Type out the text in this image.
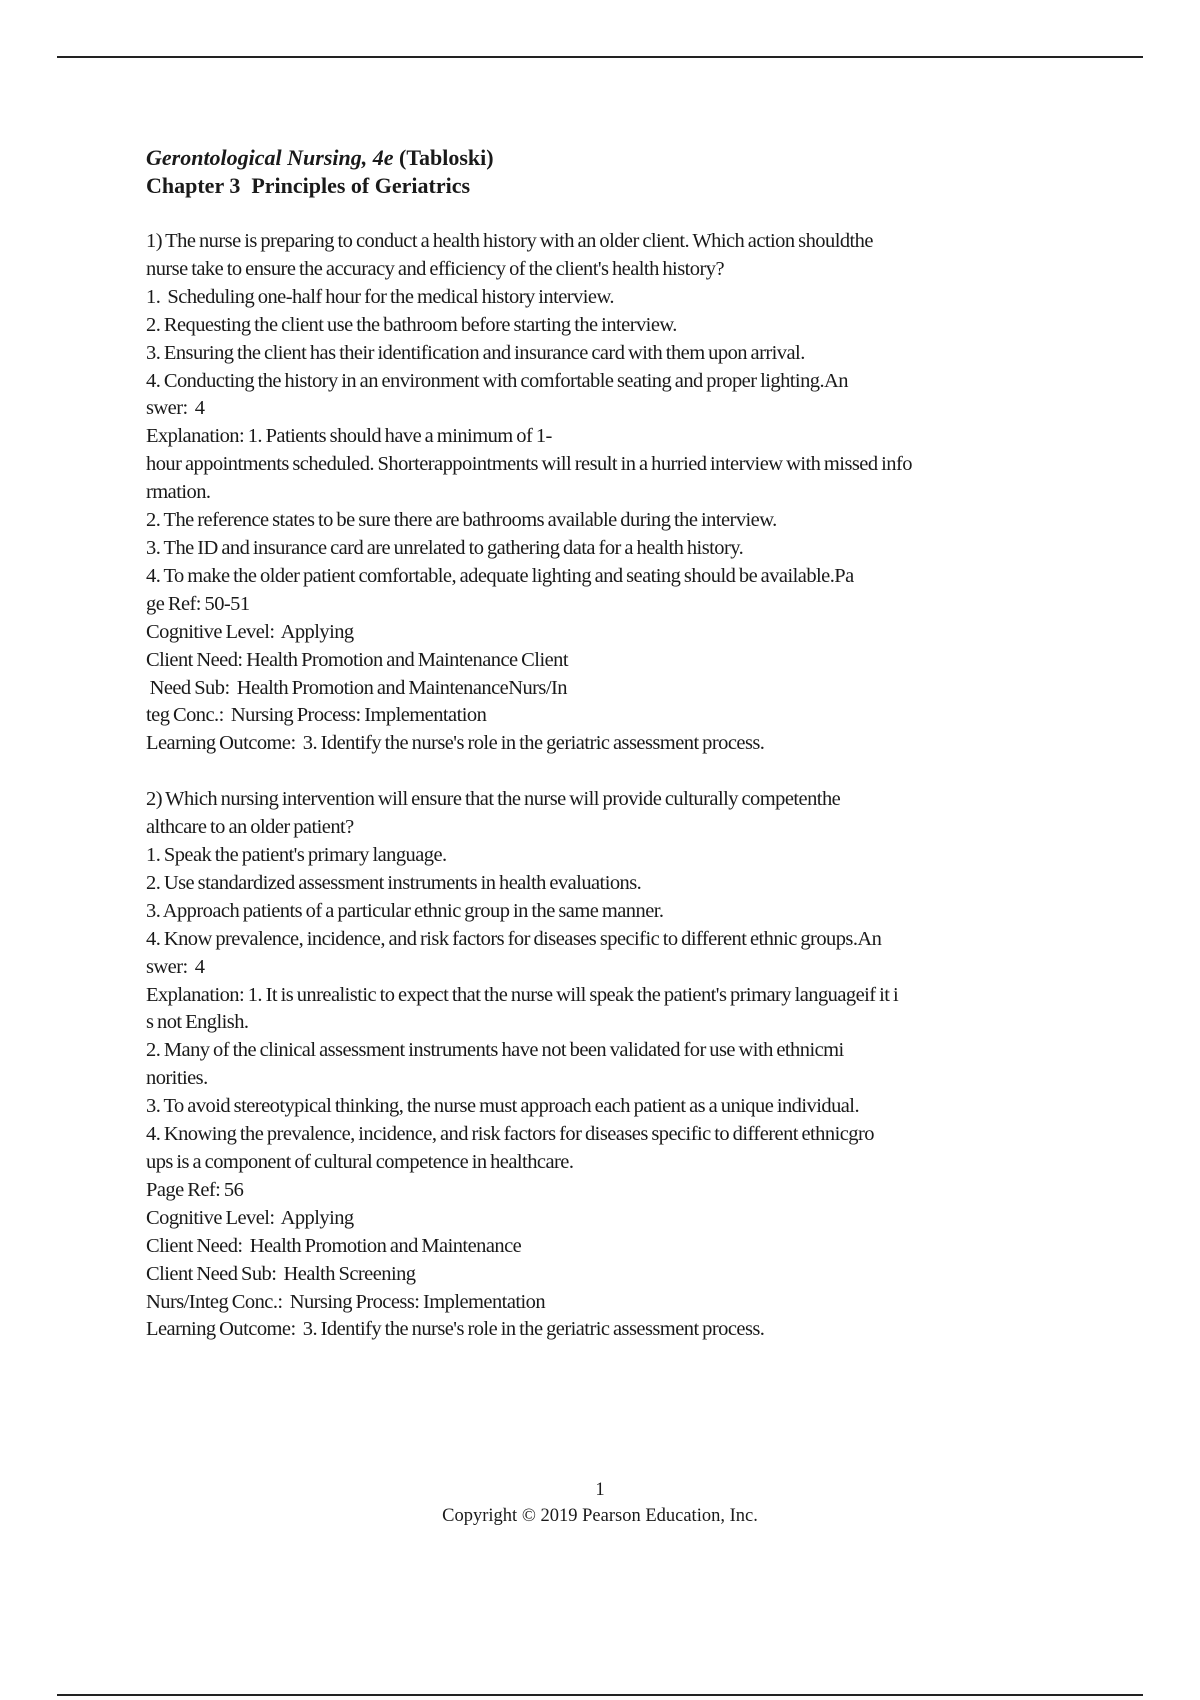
Gerontological Nursing, 4e (Tabloski)
Chapter 3  Principles of Geriatrics
1) The nurse is preparing to conduct a health history with an older client. Which action shouldthe
nurse take to ensure the accuracy and efficiency of the client's health history?
1.  Scheduling one-half hour for the medical history interview.
2. Requesting the client use the bathroom before starting the interview.
3. Ensuring the client has their identification and insurance card with them upon arrival.
4. Conducting the history in an environment with comfortable seating and proper lighting.An
swer:  4
Explanation: 1. Patients should have a minimum of 1-
hour appointments scheduled. Shorterappointments will result in a hurried interview with missed info
rmation.
2. The reference states to be sure there are bathrooms available during the interview.
3. The ID and insurance card are unrelated to gathering data for a health history.
4. To make the older patient comfortable, adequate lighting and seating should be available.Pa
ge Ref: 50-51
Cognitive Level:  Applying
Client Need: Health Promotion and Maintenance Client
Need Sub:  Health Promotion and MaintenanceNurs/In
teg Conc.:  Nursing Process: Implementation
Learning Outcome:  3. Identify the nurse's role in the geriatric assessment process.
2) Which nursing intervention will ensure that the nurse will provide culturally competenthe
althcare to an older patient?
1. Speak the patient's primary language.
2. Use standardized assessment instruments in health evaluations.
3. Approach patients of a particular ethnic group in the same manner.
4. Know prevalence, incidence, and risk factors for diseases specific to different ethnic groups.An
swer:  4
Explanation: 1. It is unrealistic to expect that the nurse will speak the patient's primary languageif it i
s not English.
2. Many of the clinical assessment instruments have not been validated for use with ethnicmi
norities.
3. To avoid stereotypical thinking, the nurse must approach each patient as a unique individual.
4. Knowing the prevalence, incidence, and risk factors for diseases specific to different ethnicgro
ups is a component of cultural competence in healthcare.
Page Ref: 56
Cognitive Level:  Applying
Client Need:  Health Promotion and Maintenance
Client Need Sub:  Health Screening
Nurs/Integ Conc.:  Nursing Process: Implementation
Learning Outcome:  3. Identify the nurse's role in the geriatric assessment process.
1
Copyright © 2019 Pearson Education, Inc.
